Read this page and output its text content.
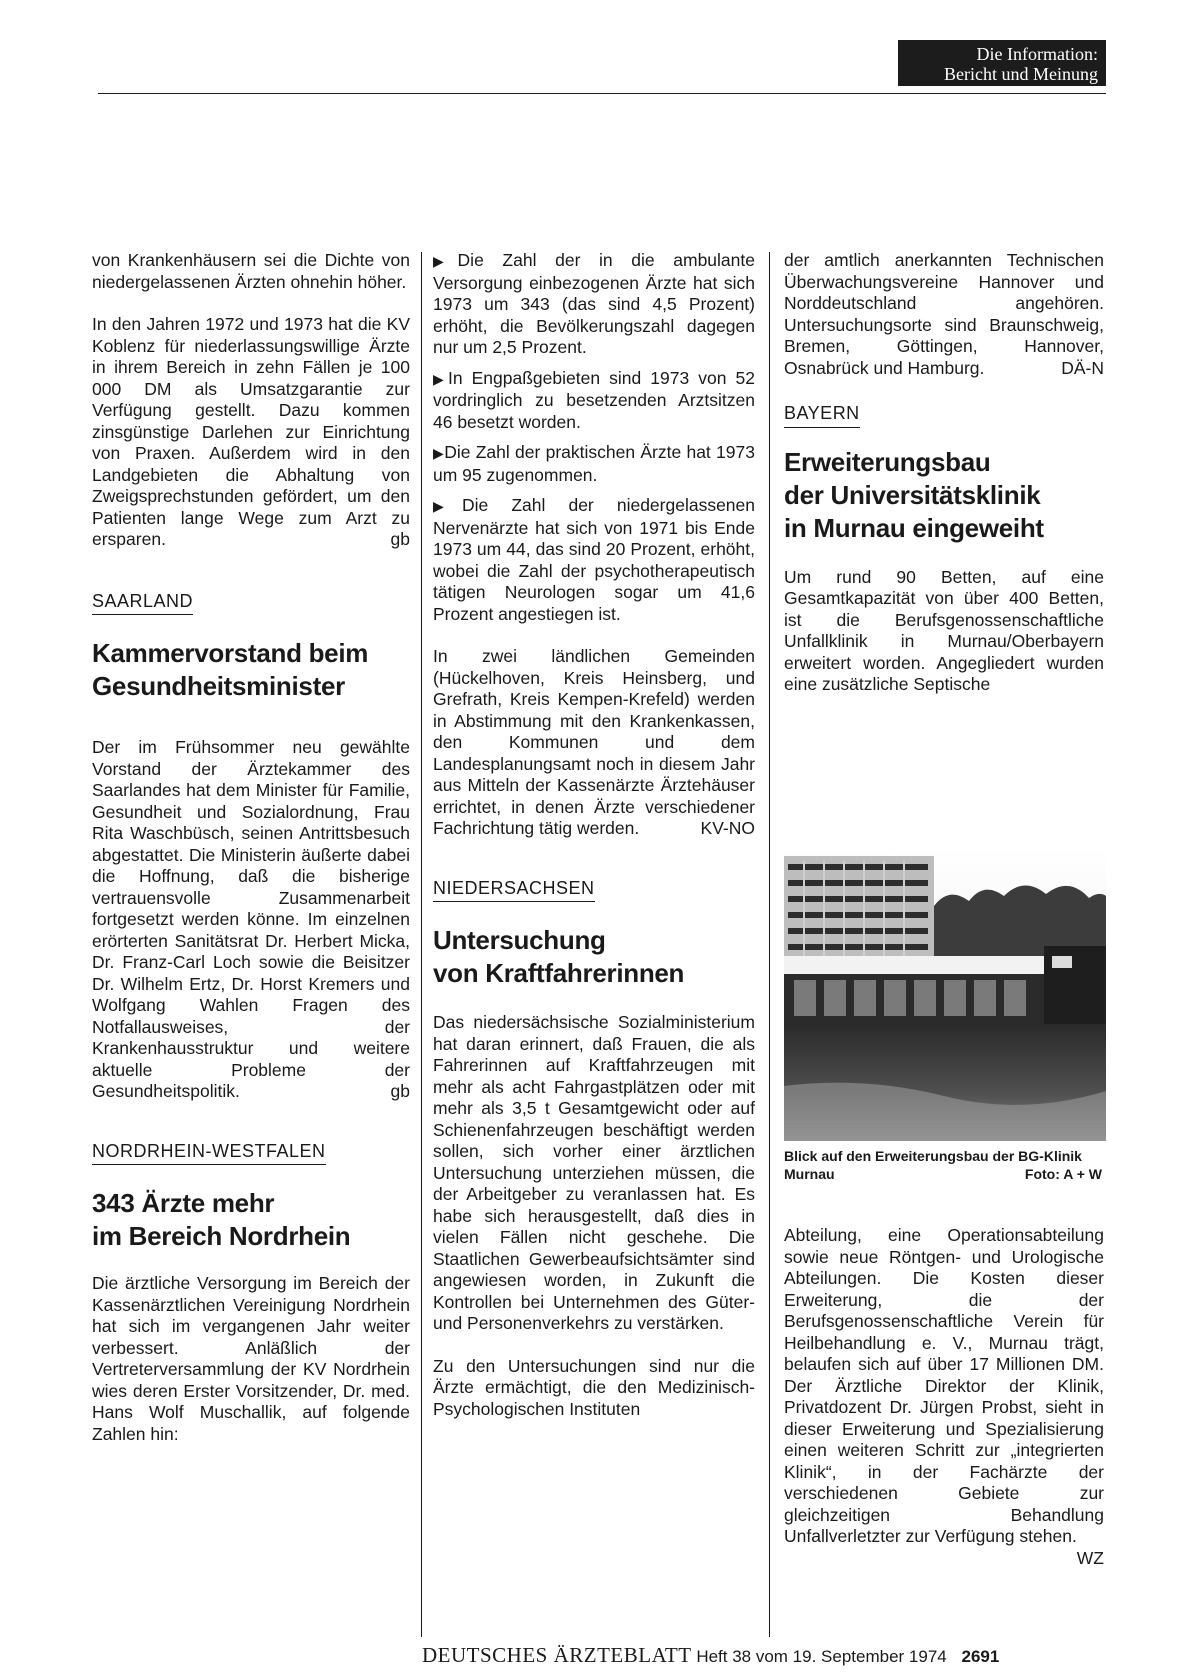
Die Information:
Bericht und Meinung

von Krankenhäusern sei die Dichte von niedergelassenen Ärzten ohnehin höher.

In den Jahren 1972 und 1973 hat die KV Koblenz für niederlassungswillige Ärzte in ihrem Bereich in zehn Fällen je 100 000 DM als Umsatzgarantie zur Verfügung gestellt. Dazu kommen zinsgünstige Darlehen zur Einrichtung von Praxen. Außerdem wird in den Landgebieten die Abhaltung von Zweigsprechstunden gefördert, um den Patienten lange Wege zum Arzt zu ersparen.	gb

SAARLAND
Kammervorstand beim
Gesundheitsminister

Der im Frühsommer neu gewählte Vorstand der Ärztekammer des Saarlandes hat dem Minister für Familie, Gesundheit und Sozialordnung, Frau Rita Waschbüsch, seinen Antrittsbesuch abgestattet. Die Ministerin äußerte dabei die Hoffnung, daß die bisherige vertrauensvolle Zusammenarbeit fortgesetzt werden könne. Im einzelnen erörterten Sanitätsrat Dr. Herbert Micka, Dr. Franz-Carl Loch sowie die Beisitzer Dr. Wilhelm Ertz, Dr. Horst Kremers und Wolfgang Wahlen Fragen des Notfallausweises, der Krankenhausstruktur und weitere aktuelle Probleme der Gesundheitspolitik.	gb

NORDRHEIN-WESTFALEN
343 Ärzte mehr
im Bereich Nordrhein

Die ärztliche Versorgung im Bereich der Kassenärztlichen Vereinigung Nordrhein hat sich im vergangenen Jahr weiter verbessert. Anläßlich der Vertreterversammlung der KV Nordrhein wies deren Erster Vorsitzender, Dr. med. Hans Wolf Muschallik, auf folgende Zahlen hin:

▶Die Zahl der in die ambulante Versorgung einbezogenen Ärzte hat sich 1973 um 343 (das sind 4,5 Prozent) erhöht, die Bevölkerungszahl dagegen nur um 2,5 Prozent.

▶In Engpaßgebieten sind 1973 von 52 vordringlich zu besetzenden Arztsitzen 46 besetzt worden.

▶Die Zahl der praktischen Ärzte hat 1973 um 95 zugenommen.

▶Die Zahl der niedergelassenen Nervenärzte hat sich von 1971 bis Ende 1973 um 44, das sind 20 Prozent, erhöht, wobei die Zahl der psychotherapeutisch tätigen Neurologen sogar um 41,6 Prozent angestiegen ist.

In zwei ländlichen Gemeinden (Hückelhoven, Kreis Heinsberg, und Grefrath, Kreis Kempen-Krefeld) werden in Abstimmung mit den Krankenkassen, den Kommunen und dem Landesplanungsamt noch in diesem Jahr aus Mitteln der Kassenärzte Ärztehäuser errichtet, in denen Ärzte verschiedener Fachrichtung tätig werden.	KV-NO

NIEDERSACHSEN
Untersuchung
von Kraftfahrerinnen

Das niedersächsische Sozialministerium hat daran erinnert, daß Frauen, die als Fahrerinnen auf Kraftfahrzeugen mit mehr als acht Fahrgastplätzen oder mit mehr als 3,5 t Gesamtgewicht oder auf Schienenfahrzeugen beschäftigt werden sollen, sich vorher einer ärztlichen Untersuchung unterziehen müssen, die der Arbeitgeber zu veranlassen hat. Es habe sich herausgestellt, daß dies in vielen Fällen nicht geschehe. Die Staatlichen Gewerbeaufsichtsämter sind angewiesen worden, in Zukunft die Kontrollen bei Unternehmen des Güter- und Personenverkehrs zu verstärken.

Zu den Untersuchungen sind nur die Ärzte ermächtigt, die den Medizinisch-Psychologischen Instituten

der amtlich anerkannten Technischen Überwachungsvereine Hannover und Norddeutschland angehören. Untersuchungsorte sind Braunschweig, Bremen, Göttingen, Hannover, Osnabrück und Hamburg.	DÄ-N

BAYERN
Erweiterungsbau
der Universitätsklinik
in Murnau eingeweiht

Um rund 90 Betten, auf eine Gesamtkapazität von über 400 Betten, ist die Berufsgenossenschaftliche Unfallklinik in Murnau/Oberbayern erweitert worden. Angegliedert wurden eine zusätzliche Septische

Blick auf den Erweiterungsbau der BG-Klinik Murnau	Foto: A + W

Abteilung, eine Operationsabteilung sowie neue Röntgen- und Urologische Abteilungen. Die Kosten dieser Erweiterung, die der Berufsgenossenschaftliche Verein für Heilbehandlung e. V., Murnau trägt, belaufen sich auf über 17 Millionen DM. Der Ärztliche Direktor der Klinik, Privatdozent Dr. Jürgen Probst, sieht in dieser Erweiterung und Spezialisierung einen weiteren Schritt zur „integrierten Klinik“, in der Fachärzte der verschiedenen Gebiete zur gleichzeitigen Behandlung Unfallverletzter zur Verfügung stehen.
WZ

DEUTSCHES ÄRZTEBLATT Heft 38 vom 19. September 1974 2691
